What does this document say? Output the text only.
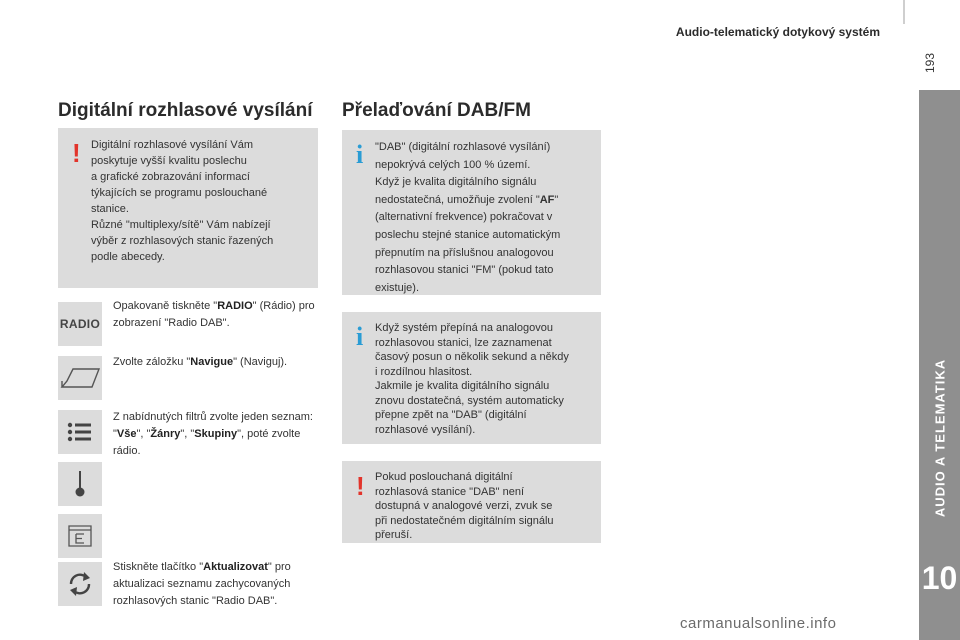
Audio-telematický dotykový systém
193
AUDIO A TELEMATIKA
10
Digitální rozhlasové vysílání Přelaďování DAB/FM
! Digitální rozhlasové vysílání Vám
poskytuje vyšší kvalitu poslechu
a grafické zobrazování informací
týkajících se programu poslouchané
stanice.
Různé "multiplexy/sítě" Vám nabízejí
výběr z rozhlasových stanic řazených
podle abecedy.
RADIO
Opakovaně tiskněte "RADIO" (Rádio) pro zobrazení "Radio DAB".
Zvolte záložku "Navigue" (Naviguj).
Z nabídnutých filtrů zvolte jeden seznam: "Vše", "Žánry", "Skupiny", poté zvolte rádio.
Stiskněte tlačítko "Aktualizovat" pro aktualizaci seznamu zachycovaných rozhlasových stanic "Radio DAB".
i "DAB" (digitální rozhlasové vysílání)
nepokrývá celých 100 % území.
Když je kvalita digitálního signálu
nedostatečná, umožňuje zvolení "AF"
(alternativní frekvence) pokračovat v
poslechu stejné stanice automatickým
přepnutím na příslušnou analogovou
rozhlasovou stanici "FM" (pokud tato
existuje).
i Když systém přepíná na analogovou
rozhlasovou stanici, lze zaznamenat
časový posun o několik sekund a někdy
i rozdílnou hlasitost.
Jakmile je kvalita digitálního signálu
znovu dostatečná, systém automaticky
přepne zpět na "DAB" (digitální
rozhlasové vysílání).
! Pokud poslouchaná digitální
rozhlasová stanice "DAB" není
dostupná v analogové verzi, zvuk se
při nedostatečném digitálním signálu
přeruší.
carmanualsonline.info
